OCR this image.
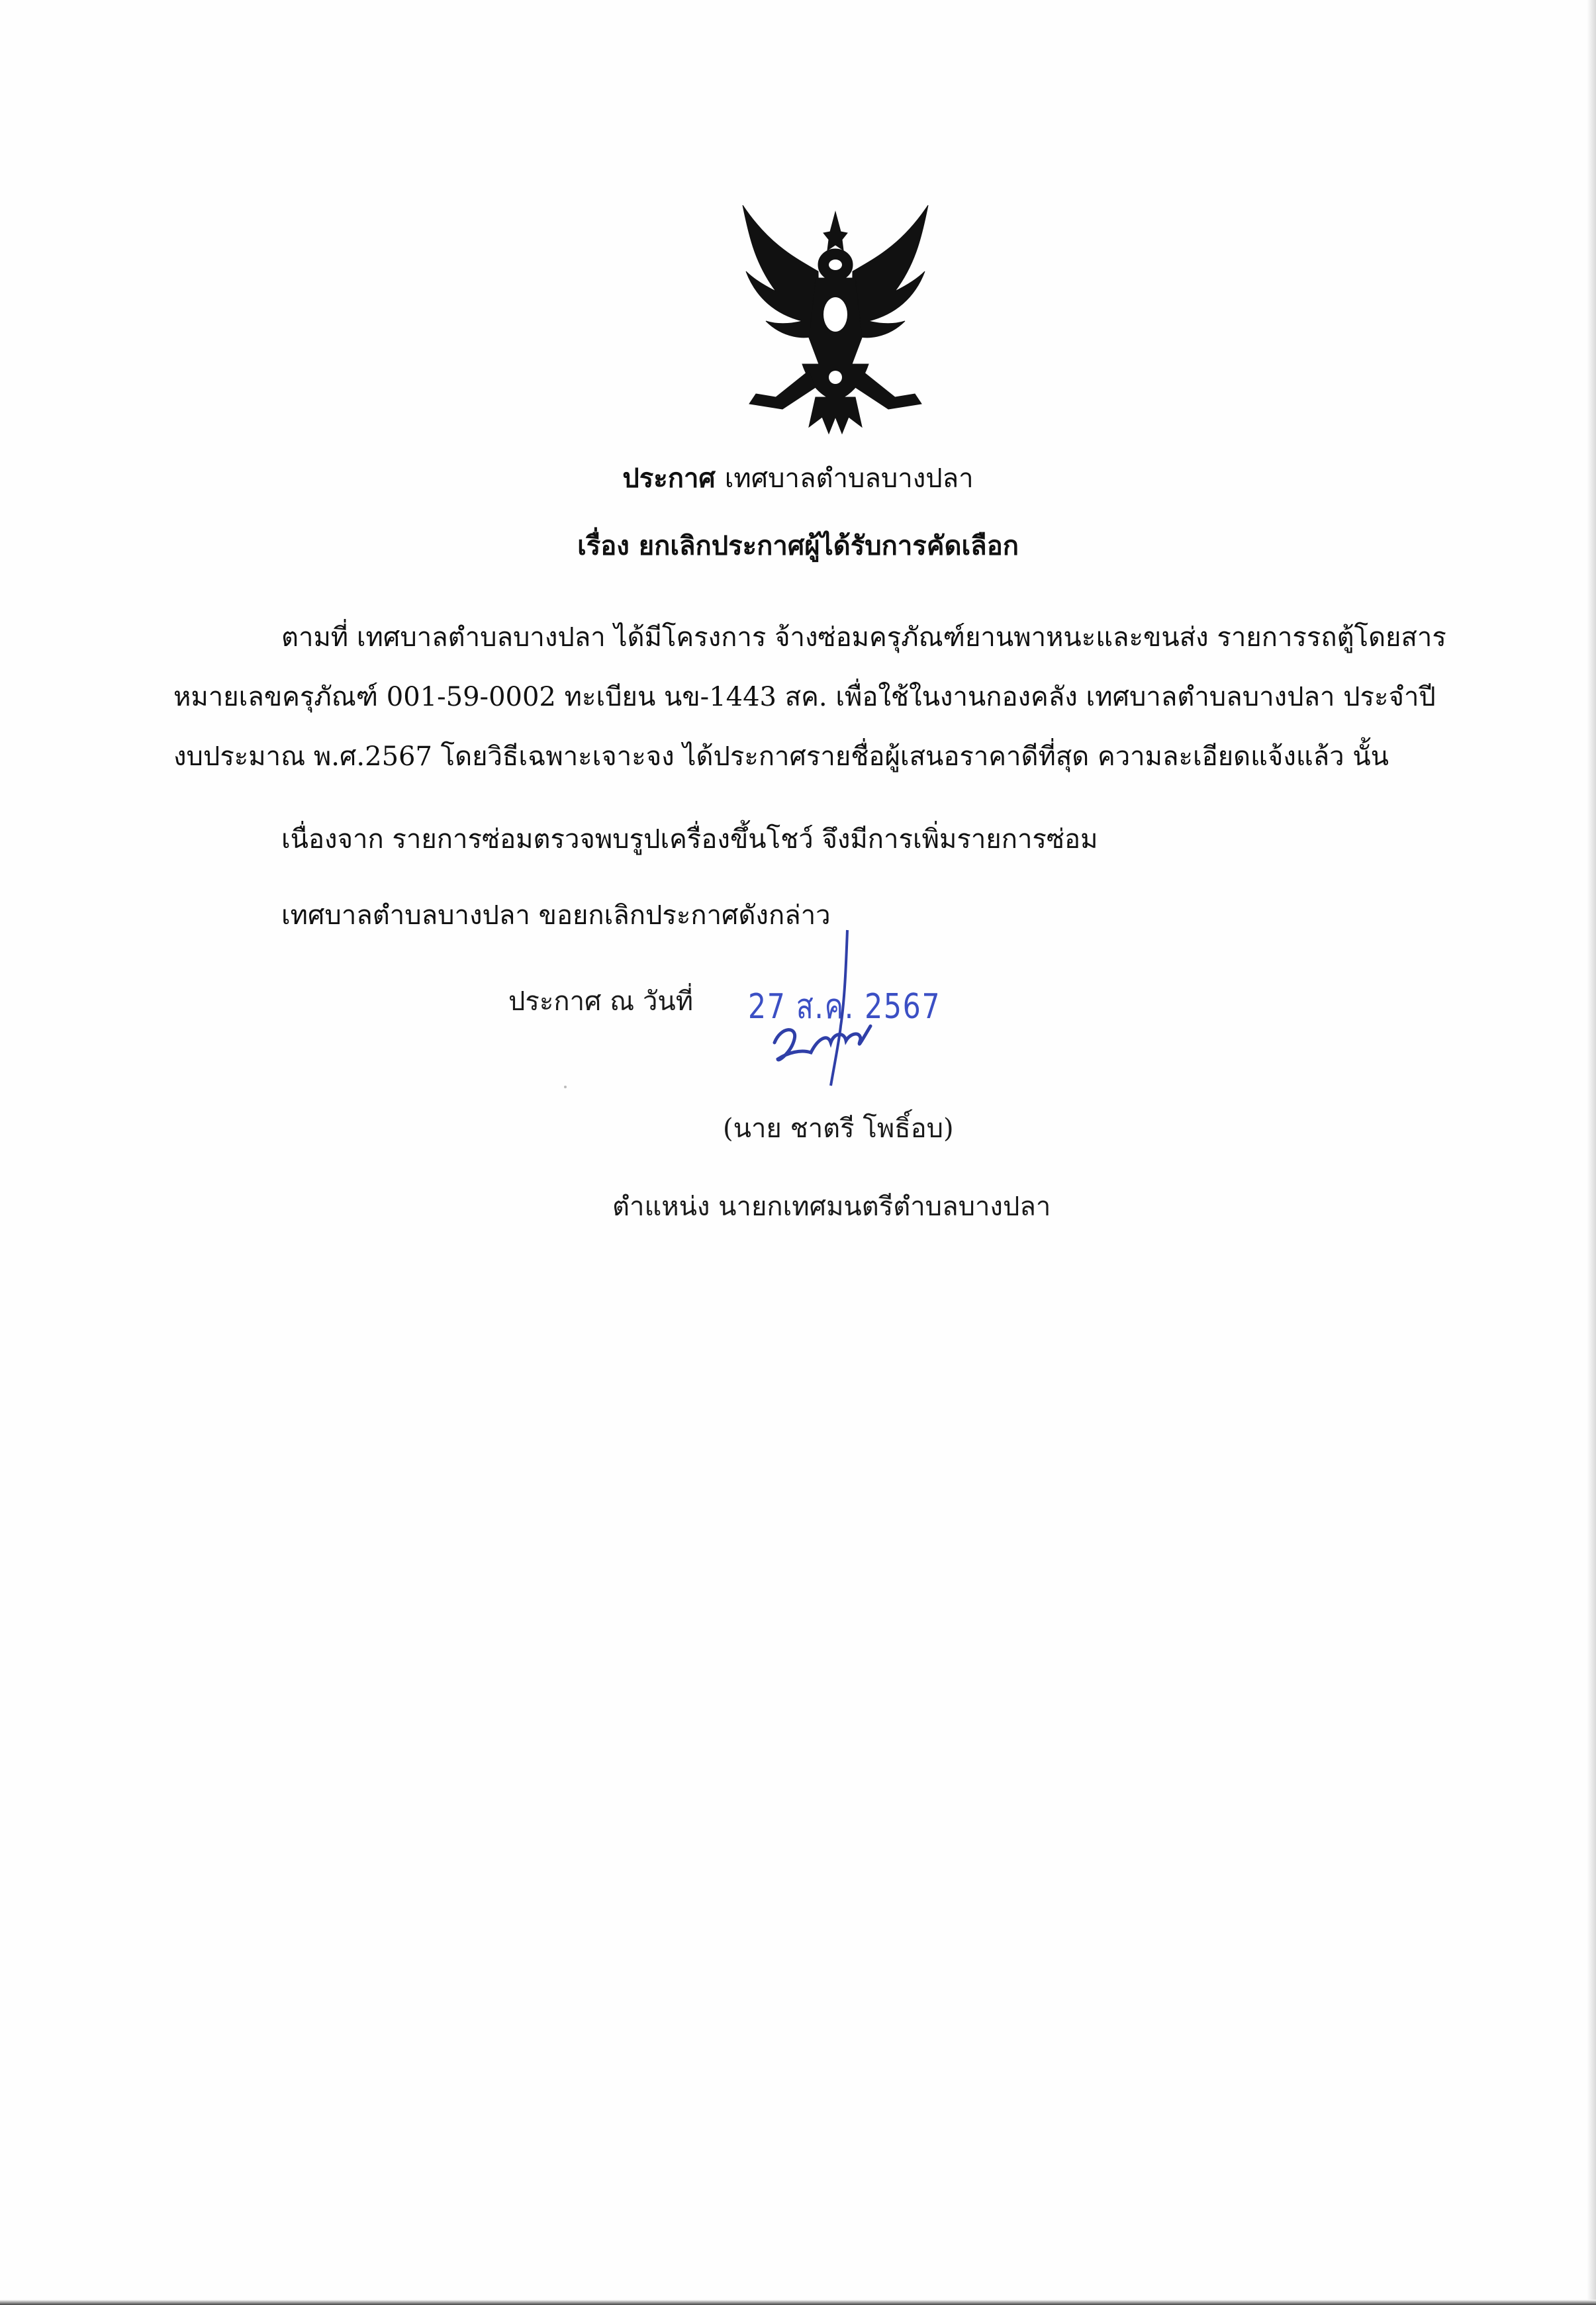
ประกาศ เทศบาลตำบลบางปลา
เรื่อง ยกเลิกประกาศผู้ได้รับการคัดเลือก
ตามที่ เทศบาลตำบลบางปลา ได้มีโครงการ จ้างซ่อมครุภัณฑ์ยานพาหนะและขนส่ง รายการรถตู้โดยสาร
หมายเลขครุภัณฑ์ 001-59-0002 ทะเบียน นข-1443 สค. เพื่อใช้ในงานกองคลัง เทศบาลตำบลบางปลา ประจำปี
งบประมาณ พ.ศ.2567 โดยวิธีเฉพาะเจาะจง ได้ประกาศรายชื่อผู้เสนอราคาดีที่สุด ความละเอียดแจ้งแล้ว นั้น
เนื่องจาก รายการซ่อมตรวจพบรูปเครื่องขึ้นโชว์ จึงมีการเพิ่มรายการซ่อม
เทศบาลตำบลบางปลา ขอยกเลิกประกาศดังกล่าว
ประกาศ ณ วันที่ 27 ส.ค. 2567
(นาย ชาตรี โพธิ์อบ)
ตำแหน่ง นายกเทศมนตรีตำบลบางปลา
